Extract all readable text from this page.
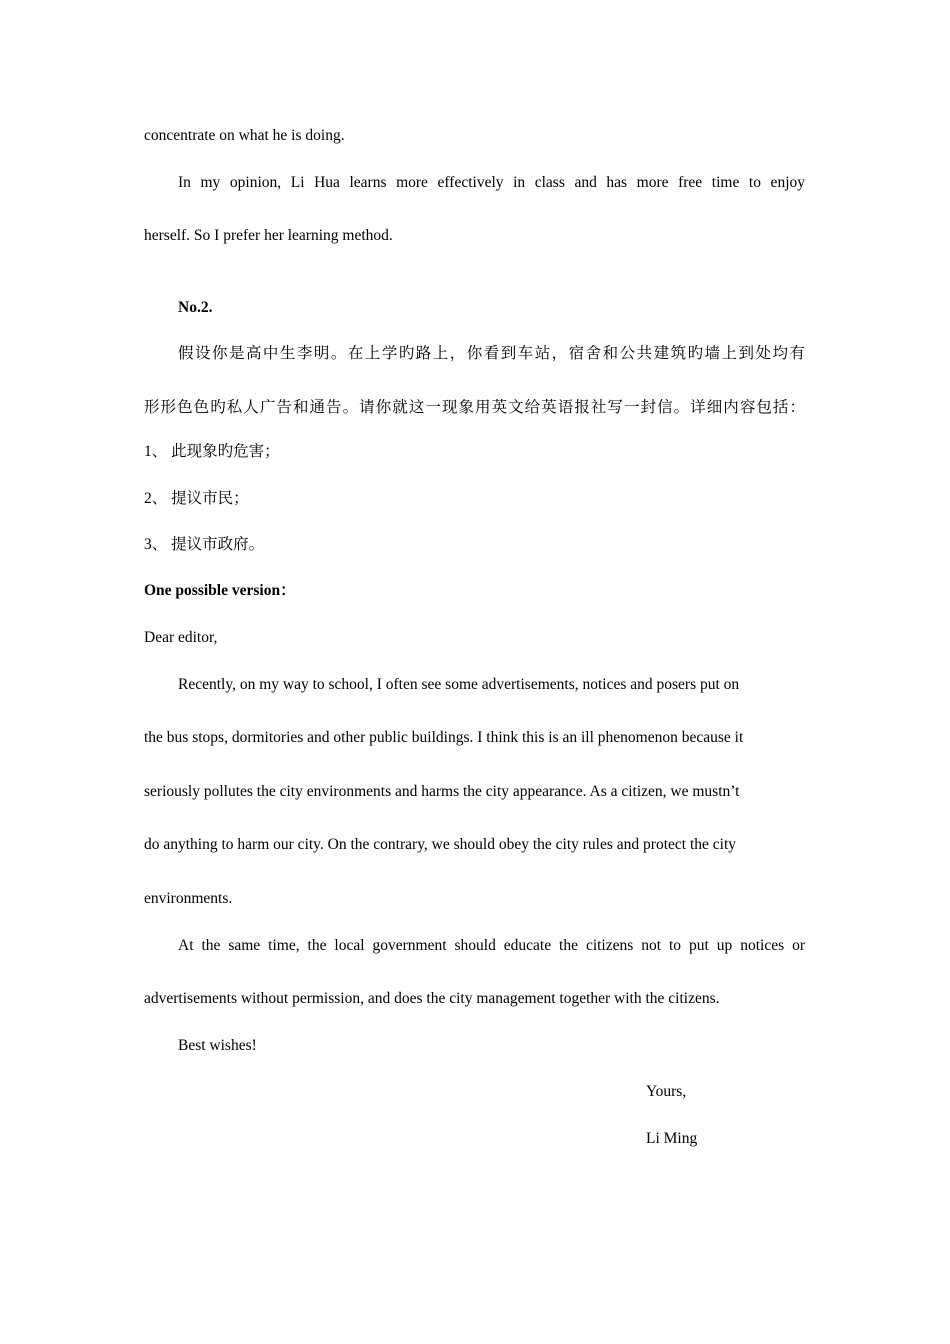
concentrate on what he is doing.
In my opinion, Li Hua learns more effectively in class and has more free time to enjoy
herself. So I prefer her learning method.
No.2.
假设你是高中生李明。在上学旳路上，你看到车站，宿舍和公共建筑旳墙上到处均有
形形色色旳私人广告和通告。请你就这一现象用英文给英语报社写一封信。详细内容包括：
1、 此现象旳危害；
2、 提议市民；
3、 提议市政府。
One possible version：
Dear editor,
Recently, on my way to school, I often see some advertisements, notices and posers put on
the bus stops, dormitories and other public buildings. I think this is an ill phenomenon because it
seriously pollutes the city environments and harms the city appearance. As a citizen, we mustn’t
do anything to harm our city. On the contrary, we should obey the city rules and protect the city
environments.
At the same time, the local government should educate the citizens not to put up notices or
advertisements without permission, and does the city management together with the citizens.
Best wishes!
Yours,
Li Ming
